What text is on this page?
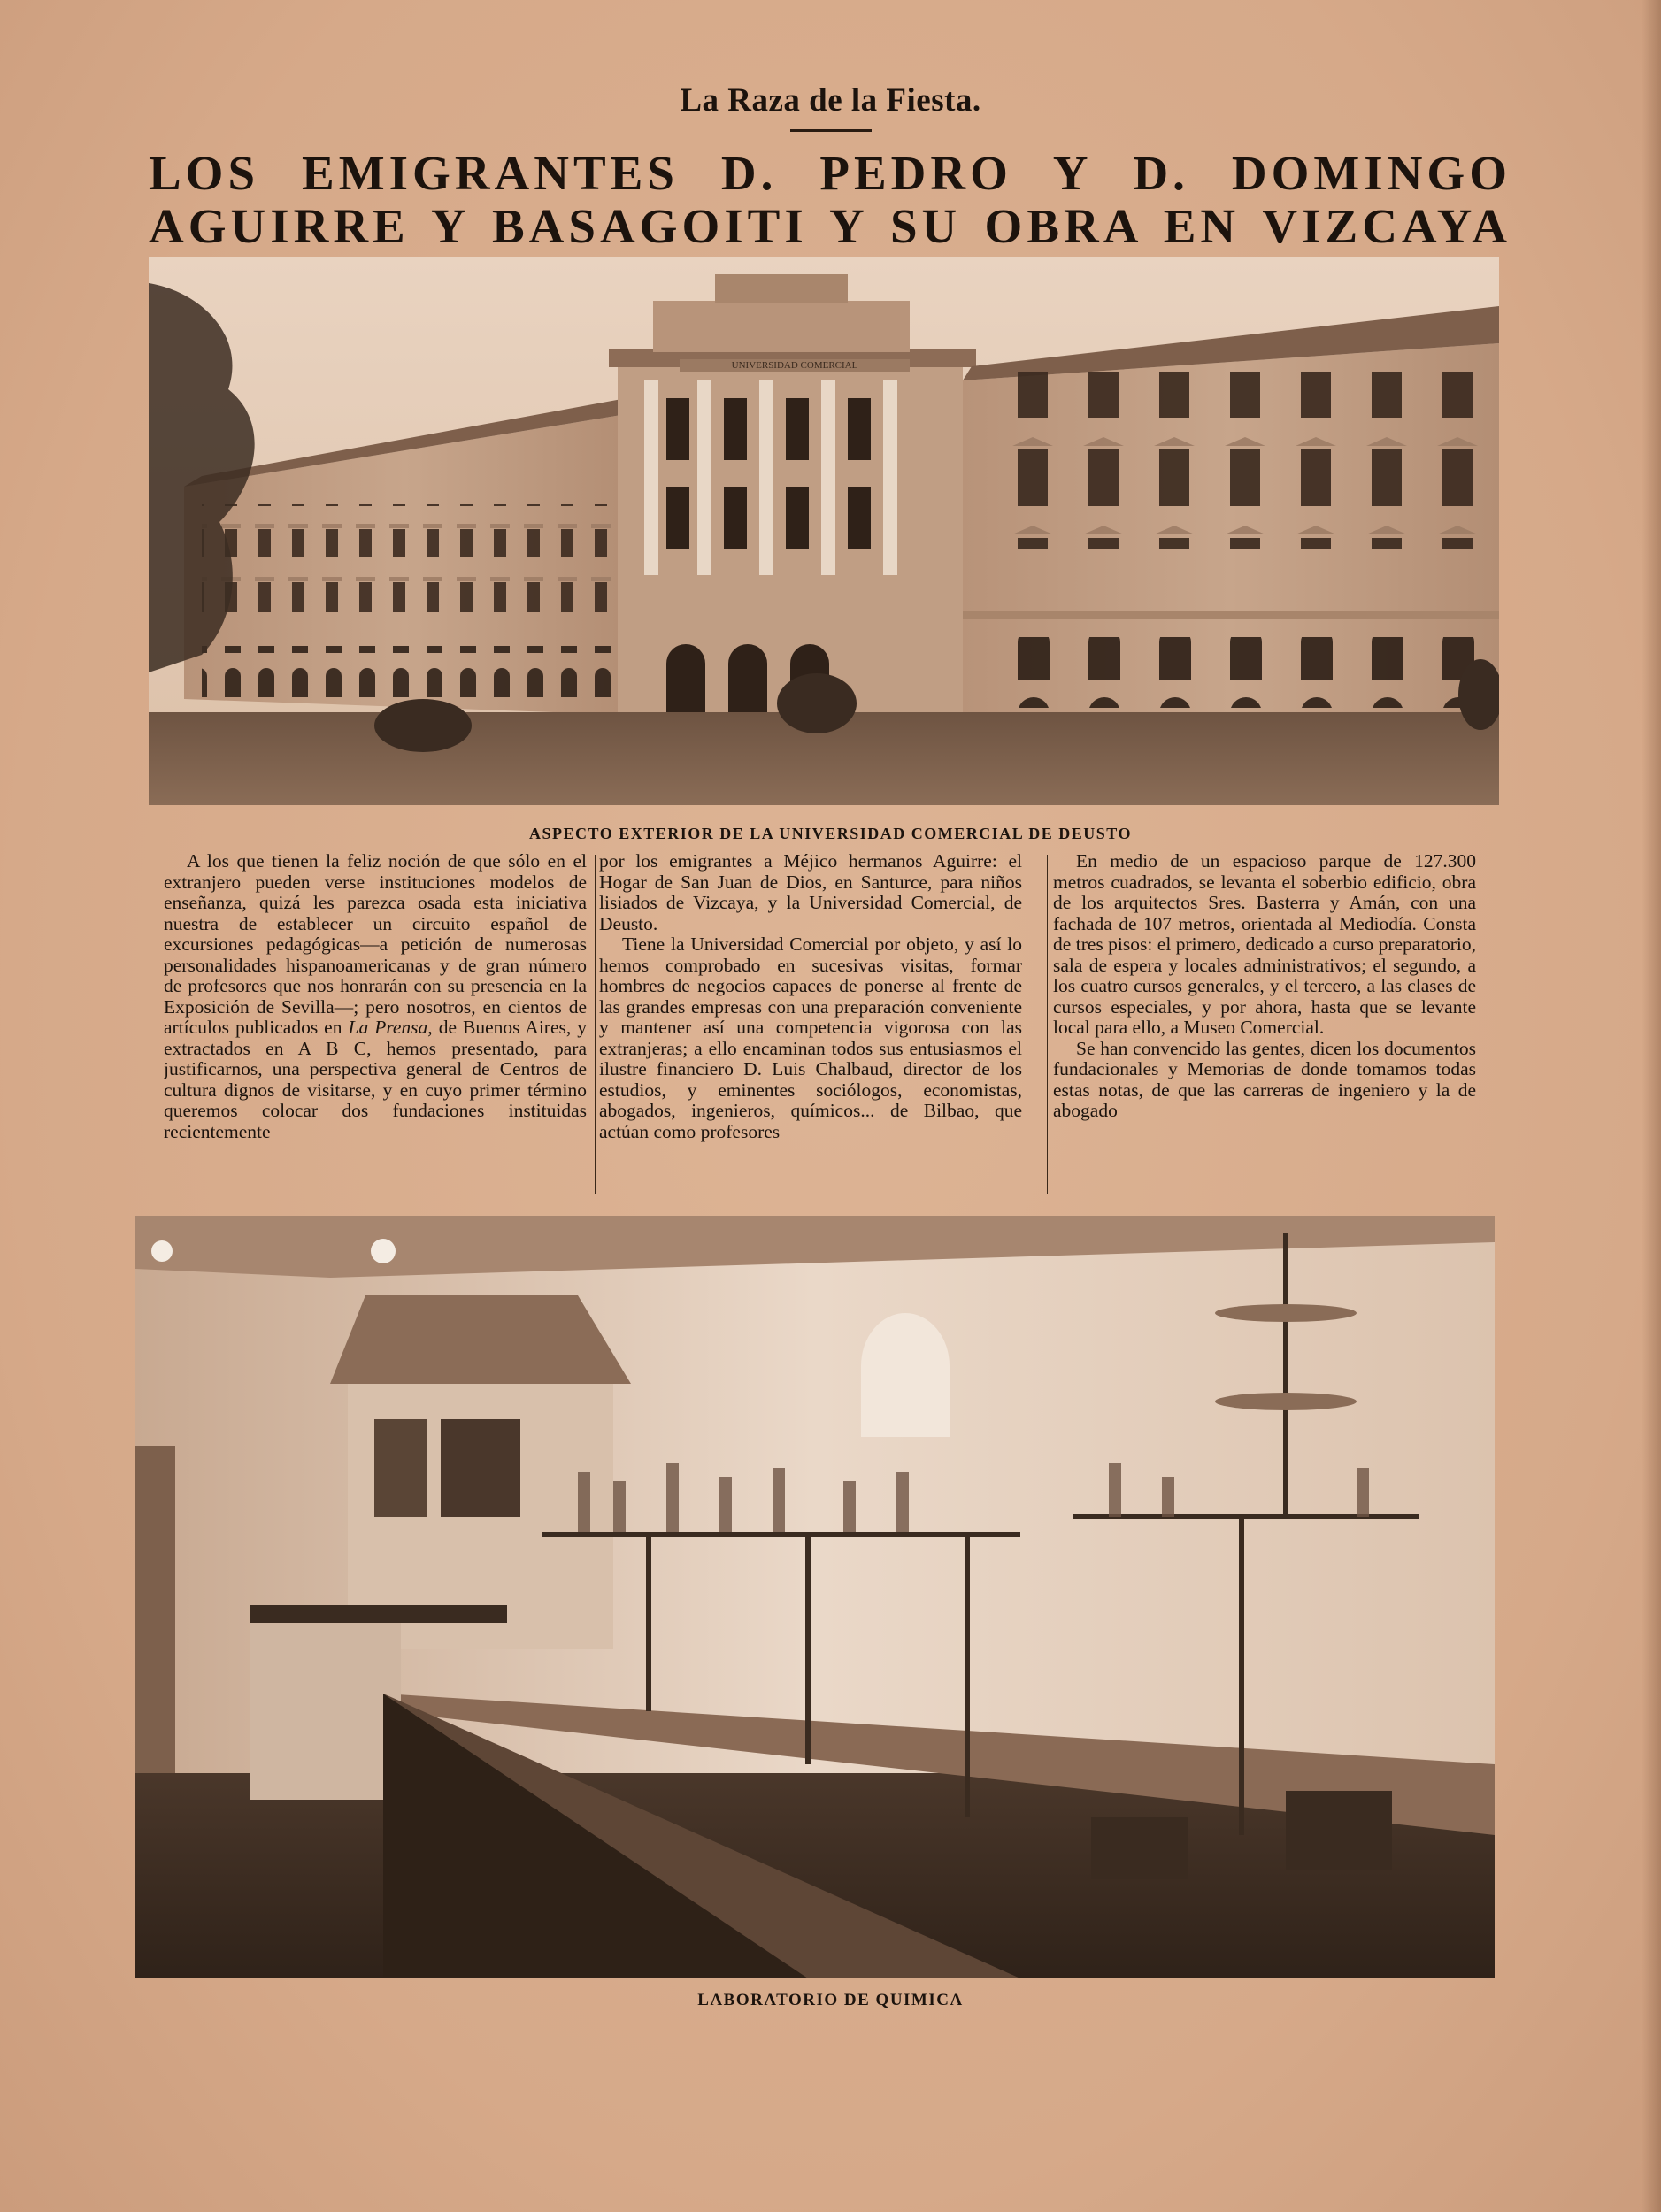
La Raza de la Fiesta.
LOS EMIGRANTES D. PEDRO Y D. DOMINGO
AGUIRRE Y BASAGOITI Y SU OBRA EN VIZCAYA
UNIVERSIDAD COMERCIAL
ASPECTO EXTERIOR DE LA UNIVERSIDAD COMERCIAL DE DEUSTO

A los que tienen la feliz noción de que sólo en el extranjero pueden verse instituciones modelos de enseñanza, quizá les parezca osada esta iniciativa nuestra de establecer un circuito español de excursiones pedagógicas—a petición de numerosas personalidades hispanoamericanas y de gran número de profesores que nos honrarán con su presencia en la Exposición de Sevilla—; pero nosotros, en cientos de artículos publicados en La Prensa, de Buenos Aires, y extractados en A B C, hemos presentado, para justificarnos, una perspectiva general de Centros de cultura dignos de visitarse, y en cuyo primer término queremos colocar dos fundaciones instituidas recientemente

por los emigrantes a Méjico hermanos Aguirre: el Hogar de San Juan de Dios, en Santurce, para niños lisiados de Vizcaya, y la Universidad Comercial, de Deusto.

Tiene la Universidad Comercial por objeto, y así lo hemos comprobado en sucesivas visitas, formar hombres de negocios capaces de ponerse al frente de las grandes empresas con una preparación conveniente y mantener así una competencia vigorosa con las extranjeras; a ello encaminan todos sus entusiasmos el ilustre financiero D. Luis Chalbaud, director de los estudios, y eminentes sociólogos, economistas, abogados, ingenieros, químicos... de Bilbao, que actúan como profesores

En medio de un espacioso parque de 127.300 metros cuadrados, se levanta el soberbio edificio, obra de los arquitectos Sres. Basterra y Amán, con una fachada de 107 metros, orientada al Mediodía. Consta de tres pisos: el primero, dedicado a curso preparatorio, sala de espera y locales administrativos; el segundo, a los cuatro cursos generales, y el tercero, a las clases de cursos especiales, y por ahora, hasta que se levante local para ello, a Museo Comercial.

Se han convencido las gentes, dicen los documentos fundacionales y Memorias de donde tomamos todas estas notas, de que las carreras de ingeniero y la de abogado

LABORATORIO DE QUIMICA
